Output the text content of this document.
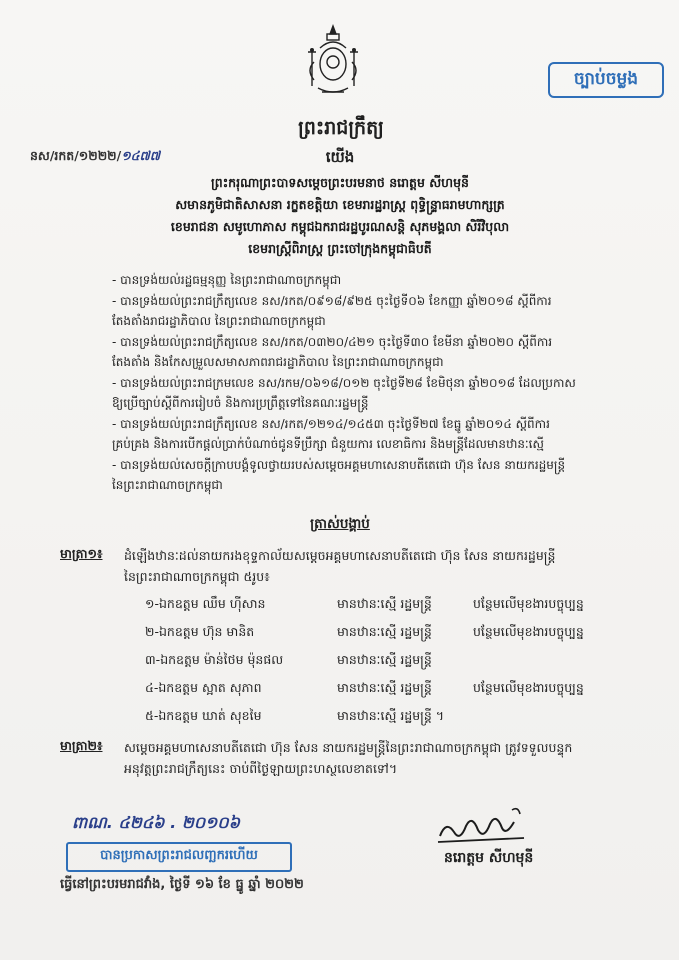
ច្បាប់ចម្លង
ព្រះរាជក្រឹត្យ
នស/រកត/១២២២/១៤៧៧	យើង
ព្រះករុណាព្រះបាទសម្តេចព្រះបរមនាថ នរោត្តម សីហមុនី
សមានភូមិជាតិសាសនា រក្ខតខត្តិយា ខេមរារដ្ឋរាស្ត្រ ពុទ្ធិន្ទ្រាធរាមហាក្សត្រ
ខេមរាជនា សមូហោភាស កម្ពុជឯករាជរដ្ឋបូរណសន្តិ សុភមង្គលា សិរីវិបុលា
ខេមរាស្ត្រីពិរាស្ត្រ ព្រះចៅក្រុងកម្ពុជាធិបតី
- បានទ្រង់យល់រដ្ឋធម្មនុញ្ញ នៃព្រះរាជាណាចក្រកម្ពុជា
- បានទ្រង់យល់ព្រះរាជក្រឹត្យលេខ នស/រកត/០៩១៨/៩២៥ ចុះថ្ងៃទី០៦ ខែកញ្ញា ឆ្នាំ២០១៨ ស្តីពីការ
តែងតាំងរាជរដ្ឋាភិបាល នៃព្រះរាជាណាចក្រកម្ពុជា
- បានទ្រង់យល់ព្រះរាជក្រឹត្យលេខ នស/រកត/០៣២០/៤២១ ចុះថ្ងៃទី៣០ ខែមីនា ឆ្នាំ២០២០ ស្តីពីការ
តែងតាំង និងកែសម្រួលសមាសភាពរាជរដ្ឋាភិបាល នៃព្រះរាជាណាចក្រកម្ពុជា
- បានទ្រង់យល់ព្រះរាជក្រមលេខ នស/រកម/០៦១៨/០១២ ចុះថ្ងៃទី២៨ ខែមិថុនា ឆ្នាំ២០១៨ ដែលប្រកាស
ឱ្យប្រើច្បាប់ស្តីពីការរៀបចំ និងការប្រព្រឹត្តទៅនៃគណៈរដ្ឋមន្ត្រី
- បានទ្រង់យល់ព្រះរាជក្រឹត្យលេខ នស/រកត/១២១៤/១៤៥៣ ចុះថ្ងៃទី២៧ ខែធ្នូ ឆ្នាំ២០១៤ ស្តីពីការ
គ្រប់គ្រង និងការបើកផ្តល់ប្រាក់បំណាច់ជូនទីប្រឹក្សា ជំនួយការ លេខាធិការ និងមន្ត្រីដែលមានឋានៈស្មើ
- បានទ្រង់យល់សេចក្តីក្រាបបង្គំទូលថ្វាយរបស់សម្តេចអគ្គមហាសេនាបតីតេជោ ហ៊ុន សែន នាយករដ្ឋមន្ត្រី
នៃព្រះរាជាណាចក្រកម្ពុជា
ត្រាស់បង្គាប់
មាត្រា១៖ ដំឡើងឋានៈដល់នាយករងខុទ្ទកាល័យសម្តេចអគ្គមហាសេនាបតីតេជោ ហ៊ុន សែន នាយករដ្ឋមន្ត្រី
នៃព្រះរាជាណាចក្រកម្ពុជា ៥រូប៖
១-ឯកឧត្តម ឈឹម ហ៊ីសាន	មានឋានៈស្មើ រដ្ឋមន្ត្រី	បន្ថែមលើមុខងារបច្ចុប្បន្ន
២-ឯកឧត្តម ហ៊ុន មានិត	មានឋានៈស្មើ រដ្ឋមន្ត្រី	បន្ថែមលើមុខងារបច្ចុប្បន្ន
៣-ឯកឧត្តម ម៉ាន់ថៃម ម៉ុនផល	មានឋានៈស្មើ រដ្ឋមន្ត្រី
៤-ឯកឧត្តម ស្អាត សុភាព	មានឋានៈស្មើ រដ្ឋមន្ត្រី	បន្ថែមលើមុខងារបច្ចុប្បន្ន
៥-ឯកឧត្តម ឃាត់ សុខមៃ	មានឋានៈស្មើ រដ្ឋមន្ត្រី ។
មាត្រា២៖ សម្តេចអគ្គមហាសេនាបតីតេជោ ហ៊ុន សែន នាយករដ្ឋមន្ត្រីនៃព្រះរាជាណាចក្រកម្ពុជា ត្រូវទទួលបន្ទុក
អនុវត្តព្រះរាជក្រឹត្យនេះ ចាប់ពីថ្ងៃឡាយព្រះហស្ថលេខាតទៅ។
ពាណ. ៤២៤៦ . ២០១០៦
បានប្រកាសព្រះរាជលញ្ឆករហើយ
ធ្វើនៅព្រះបរមរាជវាំង, ថ្ងៃទី ១៦ ខែ ធ្នូ ឆ្នាំ ២០២២
នរោត្តម សីហមុនី
